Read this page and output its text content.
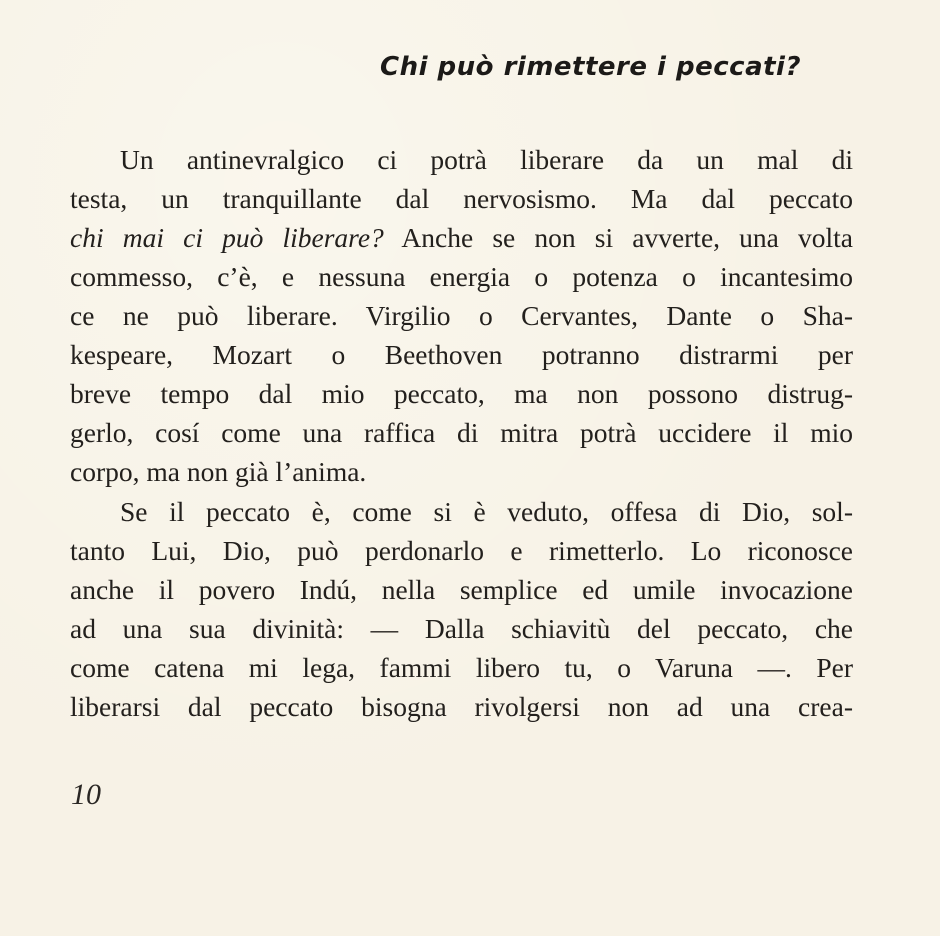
Chi può rimettere i peccati?
Un antinevralgico ci potrà liberare da un mal di
testa, un tranquillante dal nervosismo. Ma dal peccato
chi mai ci può liberare? Anche se non si avverte, una volta
commesso, c’è, e nessuna energia o potenza o incantesimo
ce ne può liberare. Virgilio o Cervantes, Dante o Sha-
kespeare, Mozart o Beethoven potranno distrarmi per
breve tempo dal mio peccato, ma non possono distrug-
gerlo, cosí come una raffica di mitra potrà uccidere il mio
corpo, ma non già l’anima.
Se il peccato è, come si è veduto, offesa di Dio, sol-
tanto Lui, Dio, può perdonarlo e rimetterlo. Lo riconosce
anche il povero Indú, nella semplice ed umile invocazione
ad una sua divinità: — Dalla schiavitù del peccato, che
come catena mi lega, fammi libero tu, o Varuna —. Per
liberarsi dal peccato bisogna rivolgersi non ad una crea-
10
